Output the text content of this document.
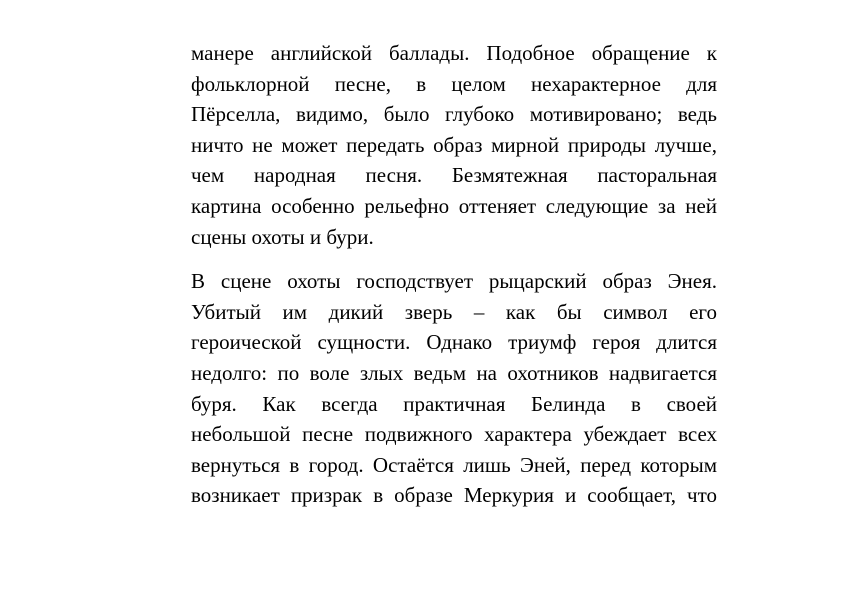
манере английской баллады. Подобное обращение к
фольклорной песне, в целом нехарактерное для
Пёрселла, видимо, было глубоко мотивировано; ведь
ничто не может передать образ мирной природы лучше,
чем народная песня. Безмятежная пасторальная
картина особенно рельефно оттеняет следующие за ней
сцены охоты и бури.

В сцене охоты господствует рыцарский образ Энея.
Убитый им дикий зверь – как бы символ его
героической сущности. Однако триумф героя длится
недолго: по воле злых ведьм на охотников надвигается
буря. Как всегда практичная Белинда в своей
небольшой песне подвижного характера убеждает всех
вернуться в город. Остаётся лишь Эней, перед которым
возникает призрак в образе Меркурия и сообщает, что
